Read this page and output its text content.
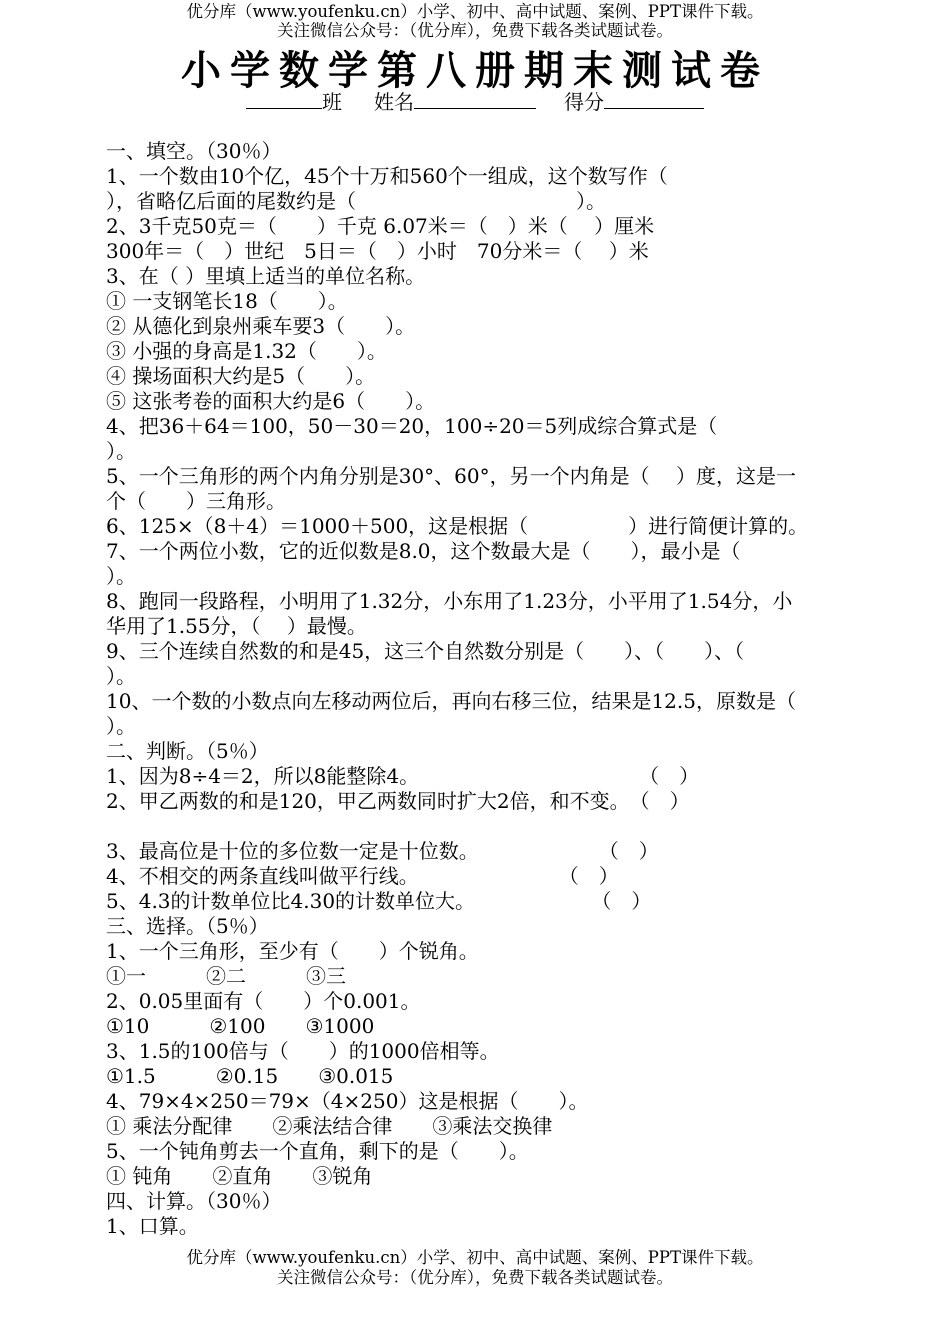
优分库（www.youfenku.cn）小学、初中、高中试题、案例、PPT课件下载。
关注微信公众号：（优分库），免费下载各类试题试卷。
小学数学第八册期末测试卷
班 姓名	得分
一、填空。（30％）
1、一个数由10个亿，45个十万和560个一组成，这个数写作（
），省略亿后面的尾数约是（　　　　　　　　　　　）。
2、3千克50克＝（　　）千克 6.07米＝（　）米（　 ）厘米
300年＝（　）世纪　5日＝（　）小时　70分米＝（　 ）米
3、在（ ）里填上适当的单位名称。
① 一支钢笔长18（　　）。
② 从德化到泉州乘车要3（　　）。
③ 小强的身高是1.32（　　）。
④ 操场面积大约是5（　　）。
⑤ 这张考卷的面积大约是6（　　）。
4、把36＋64＝100，50－30＝20，100÷20＝5列成综合算式是（
）。
5、一个三角形的两个内角分别是30°、60°，另一个内角是（　 ）度，这是一
个（　　）三角形。
6、125×（8＋4）＝1000＋500，这是根据（　　　　　）进行简便计算的。
7、一个两位小数，它的近似数是8.0，这个数最大是（　　），最小是（
）。
8、跑同一段路程，小明用了1.32分，小东用了1.23分，小平用了1.54分，小
华用了1.55分，（　 ）最慢。
9、三个连续自然数的和是45，这三个自然数分别是（　　）、（　　）、（
）。
10、一个数的小数点向左移动两位后，再向右移三位，结果是12.5，原数是（
）。
二、判断。（5％）
1、因为8÷4＝2，所以8能整除4。　　　　　　　　　　　　（　）
2、甲乙两数的和是120，甲乙两数同时扩大2倍，和不变。　（　）
3、最高位是十位的多位数一定是十位数。　　　　　　　（　）
4、不相交的两条直线叫做平行线。　　　　　　　　（　）
5、4.3的计数单位比4.30的计数单位大。　　　　　　 （　）
三、选择。（5％）
1、一个三角形，至少有（　　）个锐角。
①一　　　②二　　　③三
2、0.05里面有（　　）个0.001。
①10　　　②100　　③1000
3、1.5的100倍与（　　）的1000倍相等。
①1.5　　　②0.15　　③0.015
4、79×4×250＝79×（4×250）这是根据（　　）。
① 乘法分配律　　②乘法结合律　　③乘法交换律
5、一个钝角剪去一个直角，剩下的是（　　）。
① 钝角　　②直角　　③锐角
四、计算。（30％）
1、口算。
优分库（www.youfenku.cn）小学、初中、高中试题、案例、PPT课件下载。
关注微信公众号：（优分库），免费下载各类试题试卷。
